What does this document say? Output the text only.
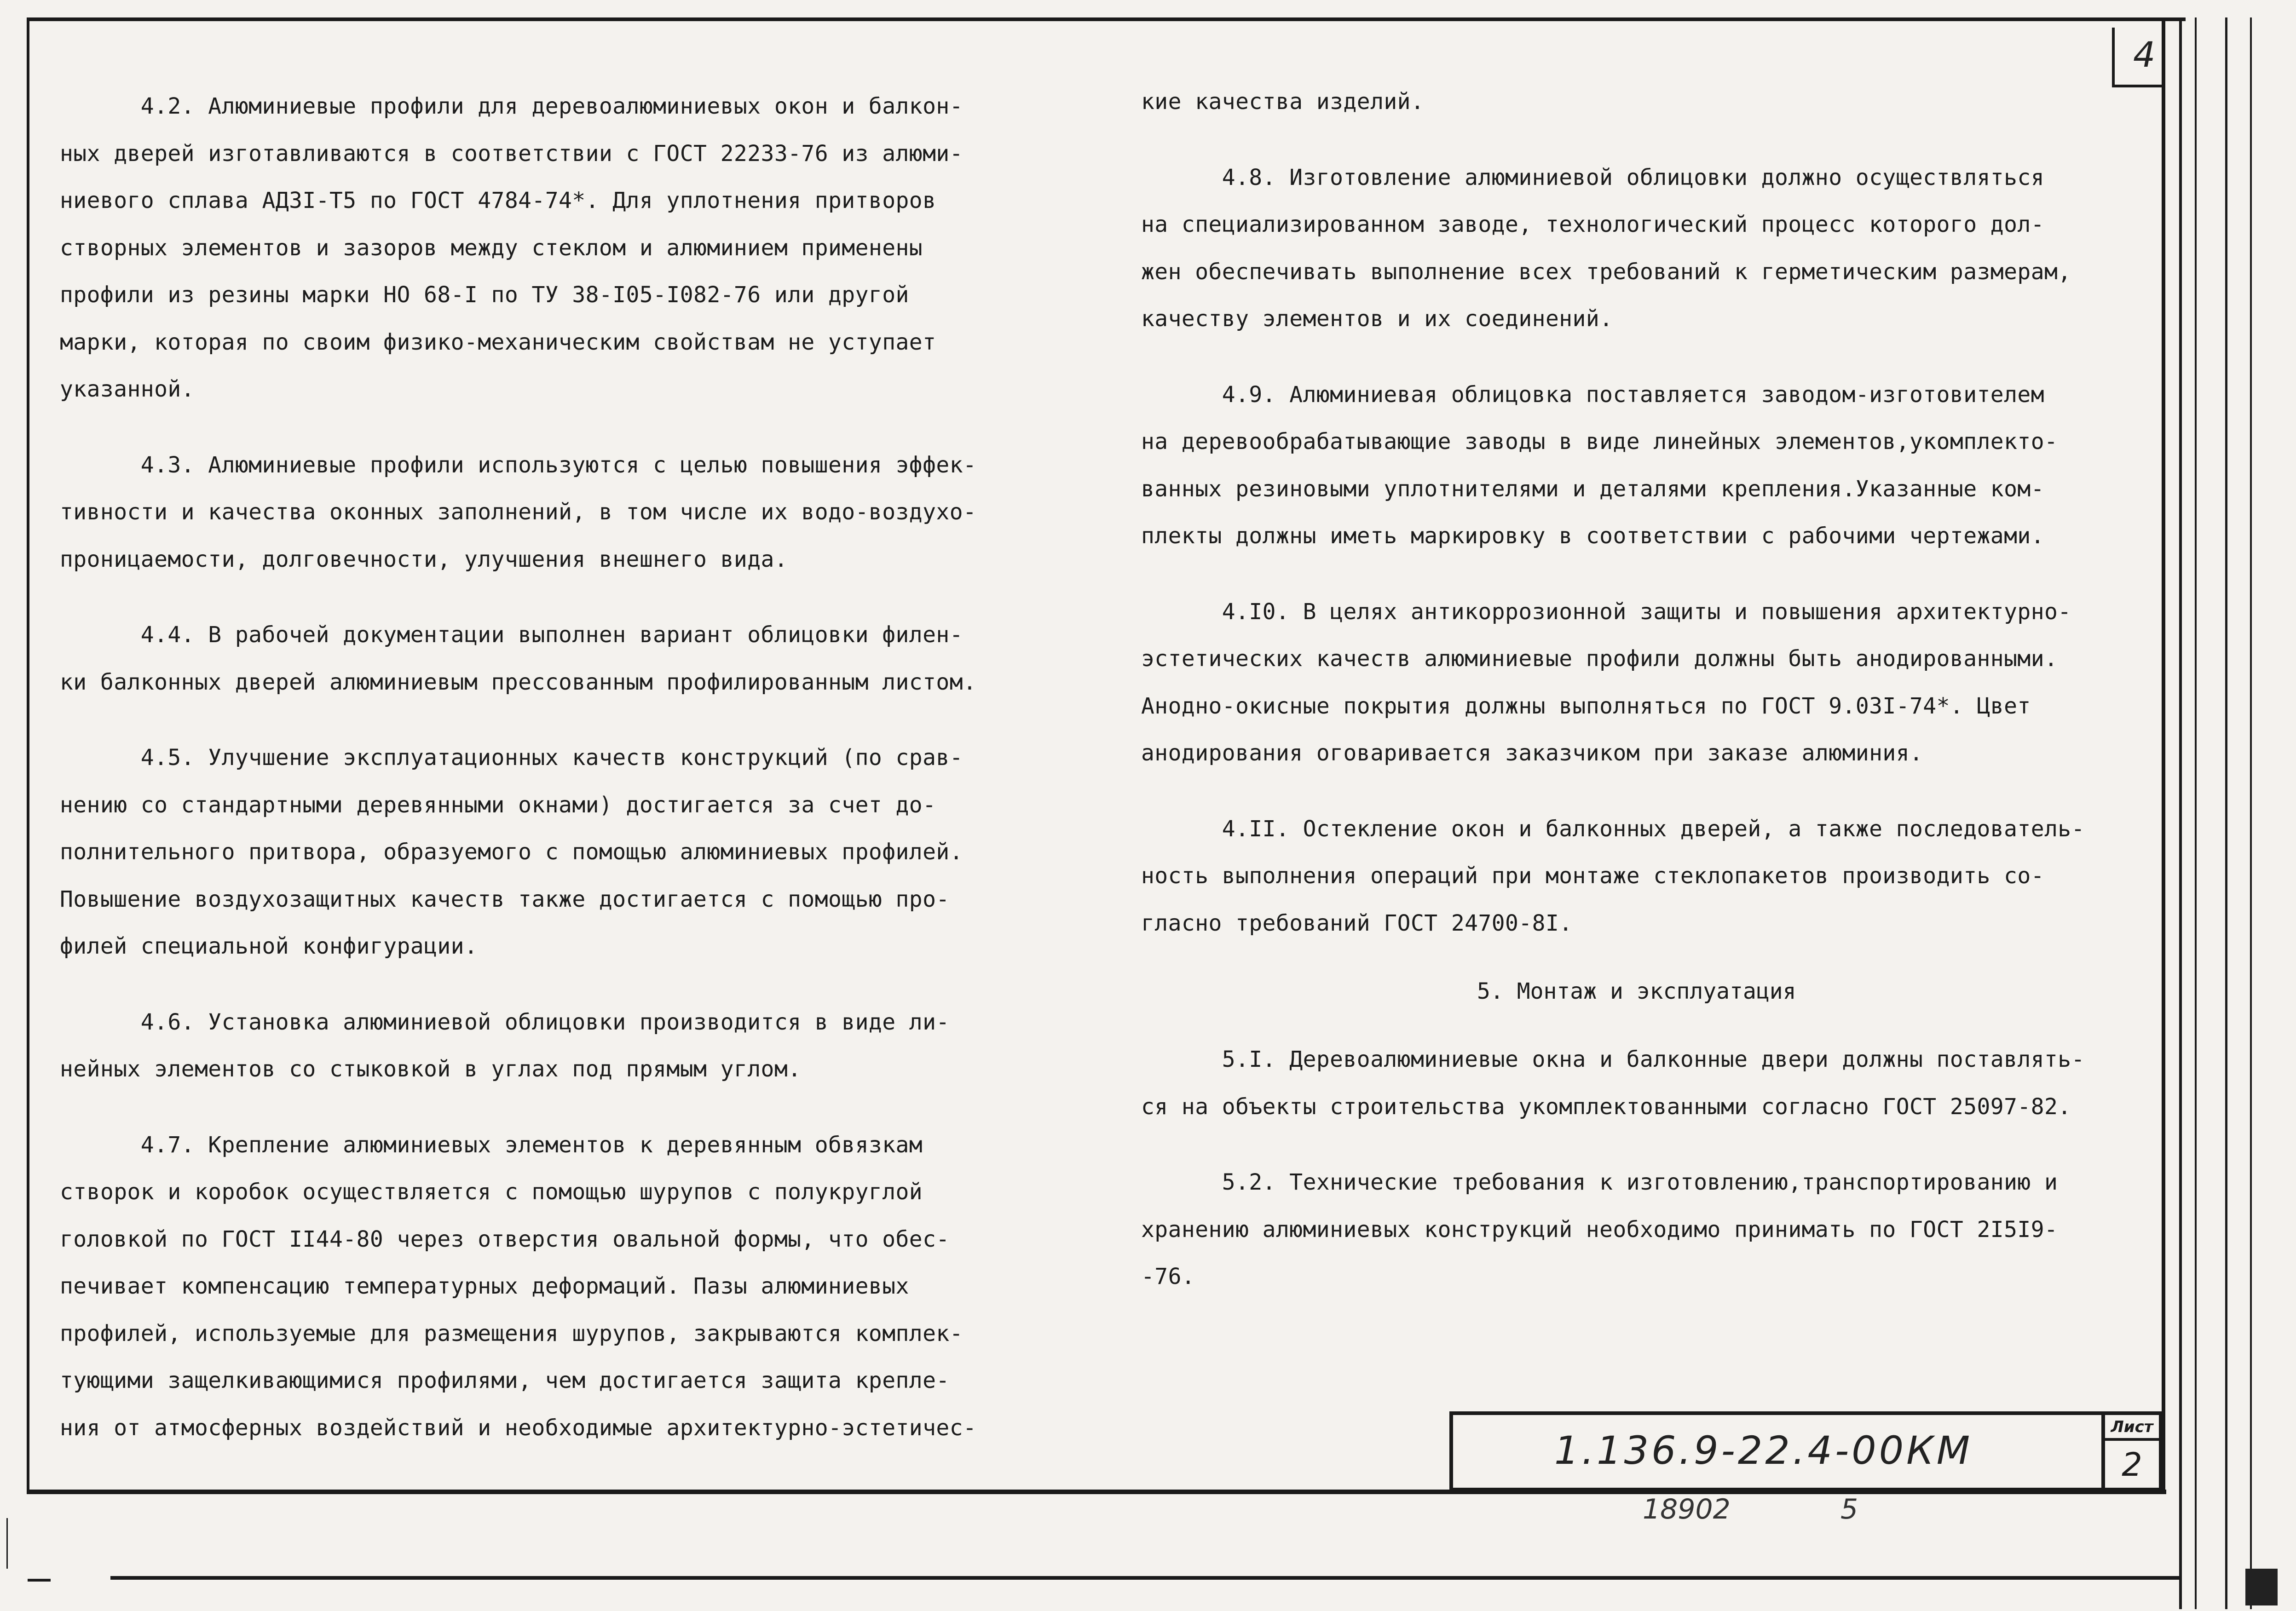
4

4.2. Алюминиевые профили для деревоалюминиевых окон и балкон-

ных дверей изготавливаются в соответствии с ГОСТ 22233-76 из алюми-

ниевого сплава АДЗI-Т5 по ГОСТ 4784-74*. Для уплотнения притворов

створных элементов и зазоров между стеклом и алюминием применены

профили из резины марки НО 68-I по ТУ 38-I05-I082-76 или другой

марки, которая по своим физико-механическим свойствам не уступает

указанной.

4.3. Алюминиевые профили используются с целью повышения эффек-

тивности и качества оконных заполнений, в том числе их водо-воздухо-

проницаемости, долговечности, улучшения внешнего вида.

4.4. В рабочей документации выполнен вариант облицовки филен-

ки балконных дверей алюминиевым прессованным профилированным листом.

4.5. Улучшение эксплуатационных качеств конструкций (по срав-

нению со стандартными деревянными окнами) достигается за счет до-

полнительного притвора, образуемого с помощью алюминиевых профилей.

Повышение воздухозащитных качеств также достигается с помощью про-

филей специальной конфигурации.

4.6. Установка алюминиевой облицовки производится в виде ли-

нейных элементов со стыковкой в углах под прямым углом.

4.7. Крепление алюминиевых элементов к деревянным обвязкам

створок и коробок осуществляется с помощью шурупов с полукруглой

головкой по ГОСТ II44-80 через отверстия овальной формы, что обес-

печивает компенсацию температурных деформаций. Пазы алюминиевых

профилей, используемые для размещения шурупов, закрываются комплек-

тующими защелкивающимися профилями, чем достигается защита крепле-

ния от атмосферных воздействий и необходимые архитектурно-эстетичес-

кие качества изделий.

4.8. Изготовление алюминиевой облицовки должно осуществляться

на специализированном заводе, технологический процесс которого дол-

жен обеспечивать выполнение всех требований к герметическим размерам,

качеству элементов и их соединений.

4.9. Алюминиевая облицовка поставляется заводом-изготовителем

на деревообрабатывающие заводы в виде линейных элементов,укомплекто-

ванных резиновыми уплотнителями и деталями крепления.Указанные ком-

плекты должны иметь маркировку в соответствии с рабочими чертежами.

4.I0. В целях антикоррозионной защиты и повышения архитектурно-

эстетических качеств алюминиевые профили должны быть анодированными.

Анодно-окисные покрытия должны выполняться по ГОСТ 9.03I-74*. Цвет

анодирования оговаривается заказчиком при заказе алюминия.

4.II. Остекление окон и балконных дверей, а также последователь-

ность выполнения операций при монтаже стеклопакетов производить со-

гласно требований ГОСТ 24700-8I.

5. Монтаж и эксплуатация

5.I. Деревоалюминиевые окна и балконные двери должны поставлять-

ся на объекты строительства укомплектованными согласно ГОСТ 25097-82.

5.2. Технические требования к изготовлению,транспортированию и

хранению алюминиевых конструкций необходимо принимать по ГОСТ 2I5I9-

-76.

1.136.9-22.4-00КМ
Лист
2
18902	5
